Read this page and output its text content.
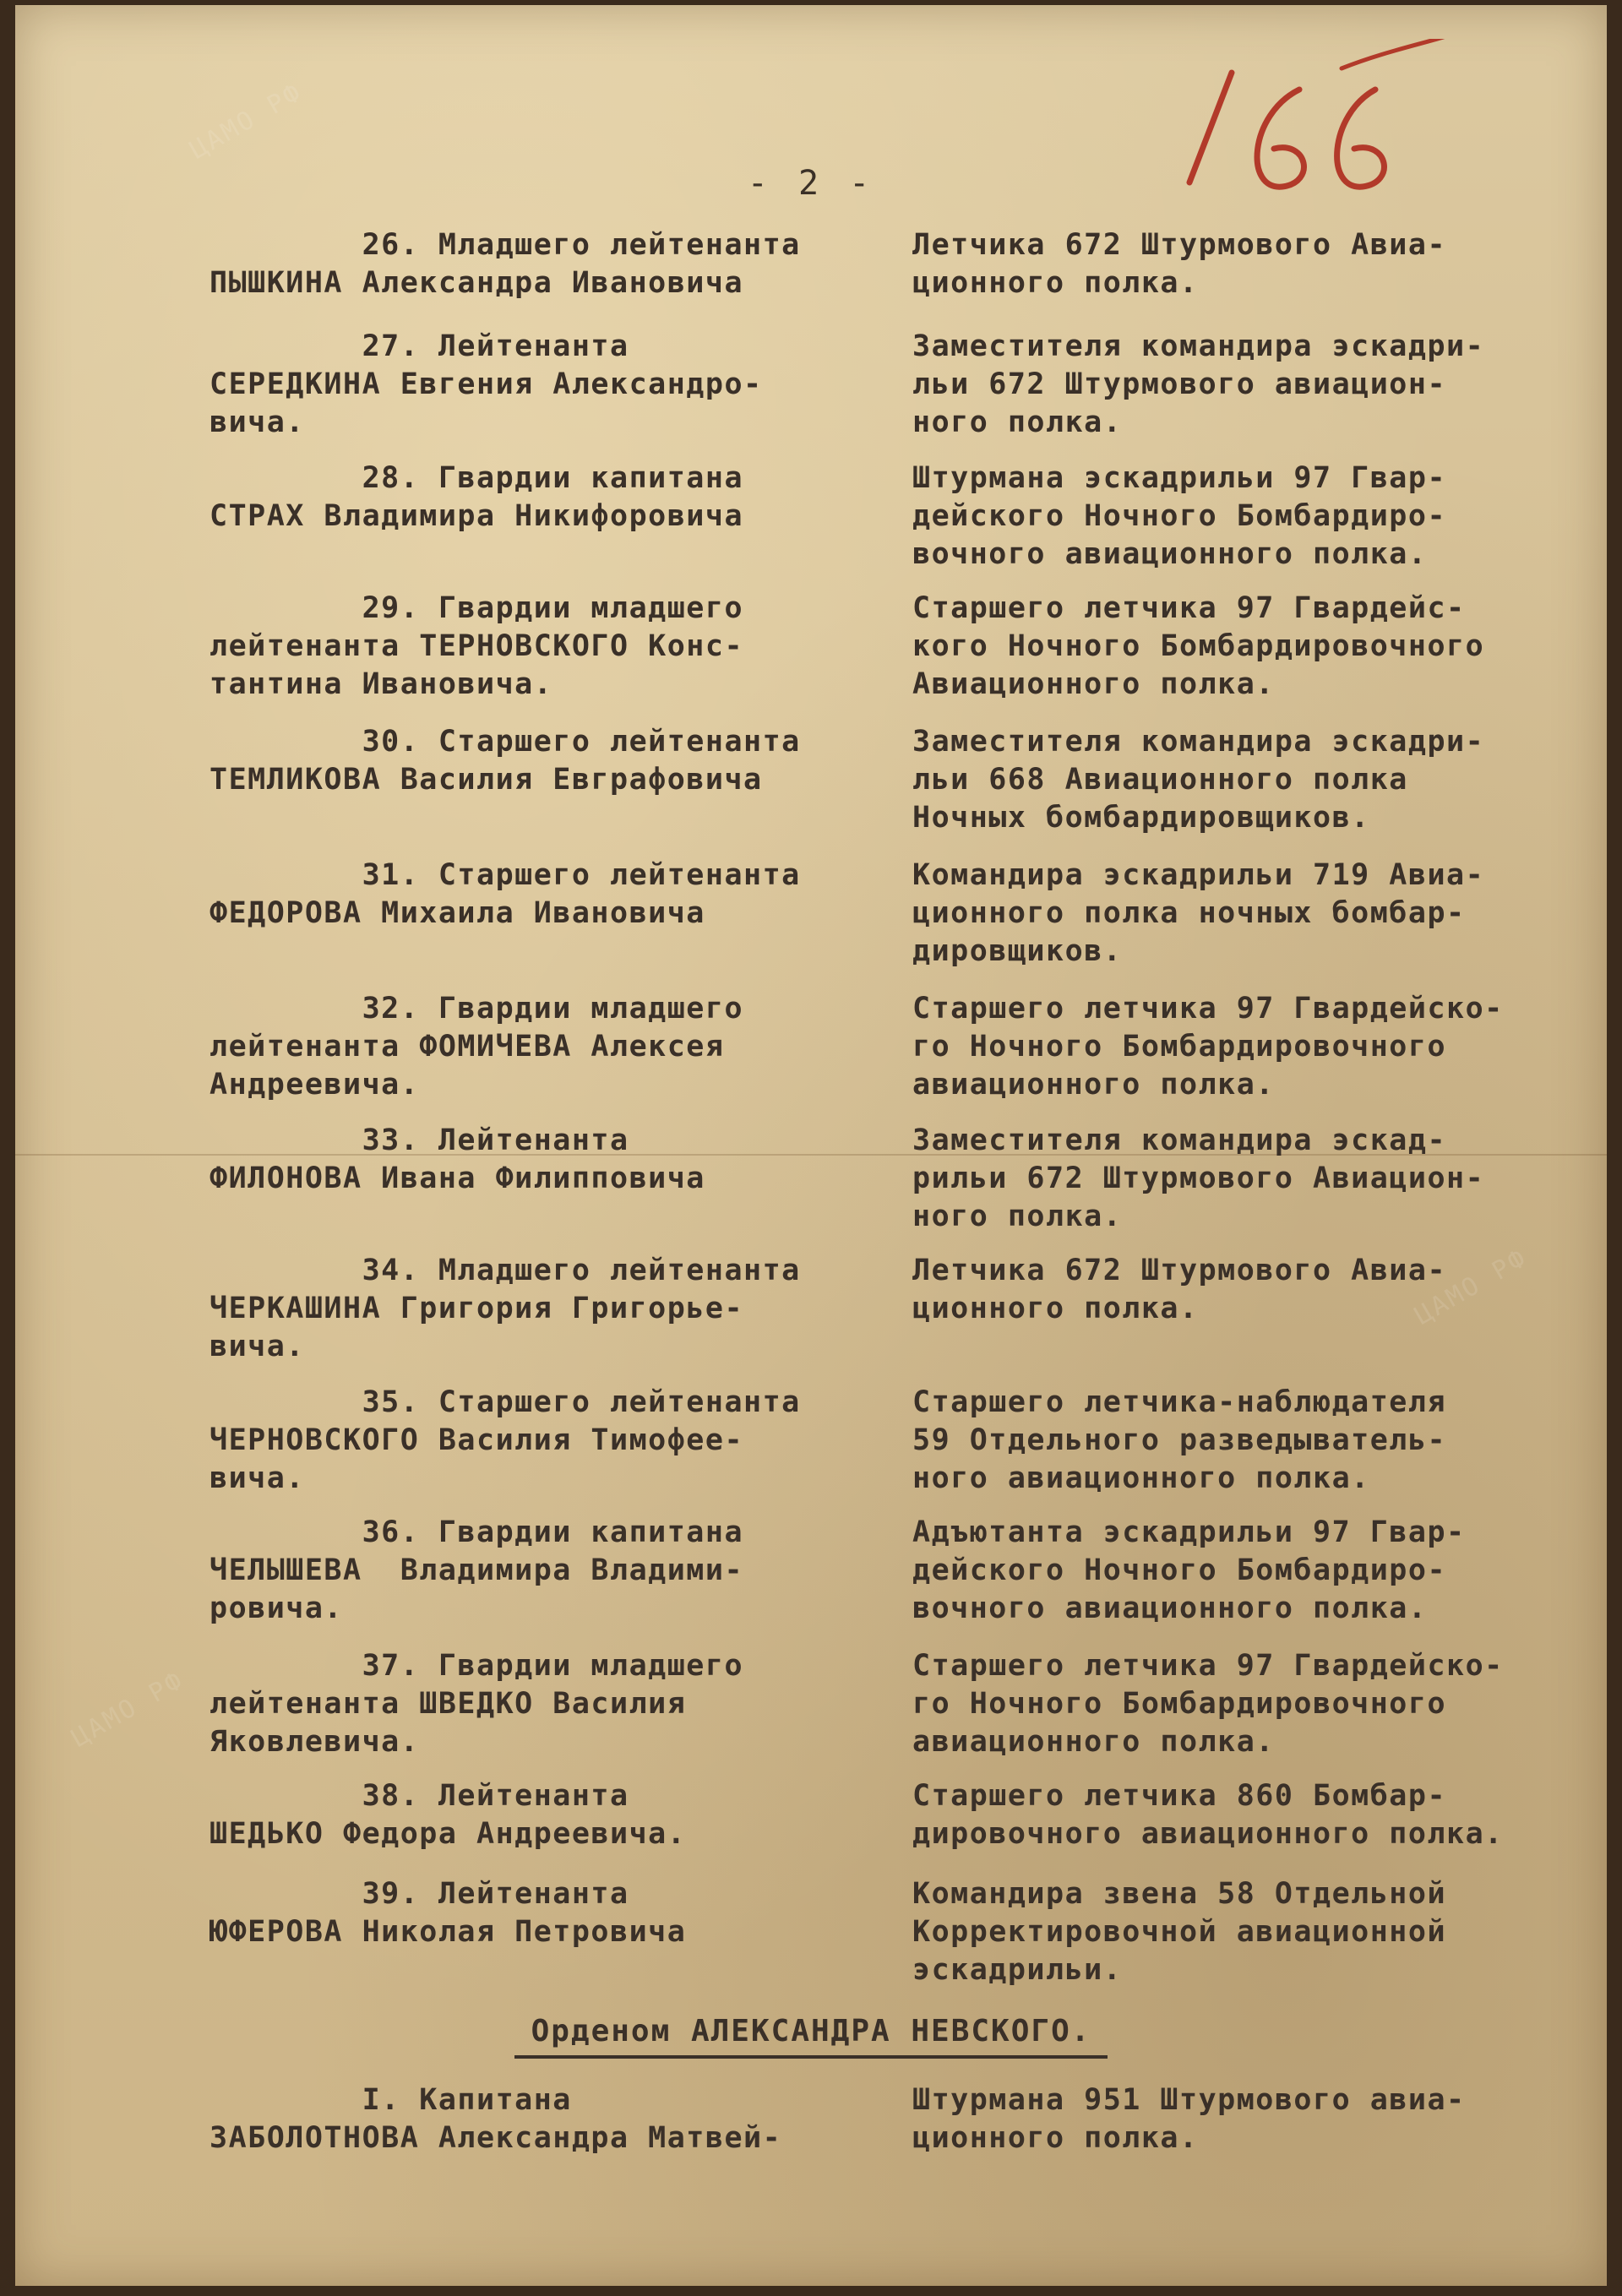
ЦАМО РФ
ЦАМО РФ
ЦАМО РФ
- 2 -
26. Младшего лейтенанта
ПЫШКИНА Александра Ивановича
Летчика 672 Штурмового Авиа-
ционного полка.
27. Лейтенанта
СЕРЕДКИНА Евгения Александро-
вича.
Заместителя командира эскадри-
льи 672 Штурмового авиацион-
ного полка.
28. Гвардии капитана
СТРАХ Владимира Никифоровича
Штурмана эскадрильи 97 Гвар-
дейского Ночного Бомбардиро-
вочного авиационного полка.
29. Гвардии младшего
лейтенанта ТЕРНОВСКОГО Конс-
тантина Ивановича.
Старшего летчика 97 Гвардейс-
кого Ночного Бомбардировочного
Авиационного полка.
30. Старшего лейтенанта
ТЕМЛИКОВА Василия Евграфовича
Заместителя командира эскадри-
льи 668 Авиационного полка
Ночных бомбардировщиков.
31. Старшего лейтенанта
ФЕДОРОВА Михаила Ивановича
Командира эскадрильи 719 Авиа-
ционного полка ночных бомбар-
дировщиков.
32. Гвардии младшего
лейтенанта ФОМИЧЕВА Алексея
Андреевича.
Старшего летчика 97 Гвардейско-
го Ночного Бомбардировочного
авиационного полка.
33. Лейтенанта
ФИЛОНОВА Ивана Филипповича
Заместителя командира эскад-
рильи 672 Штурмового Авиацион-
ного полка.
34. Младшего лейтенанта
ЧЕРКАШИНА Григория Григорье-
вича.
Летчика 672 Штурмового Авиа-
ционного полка.
35. Старшего лейтенанта
ЧЕРНОВСКОГО Василия Тимофее-
вича.
Старшего летчика-наблюдателя
59 Отдельного разведыватель-
ного авиационного полка.
36. Гвардии капитана
ЧЕЛЫШЕВА  Владимира Владими-
ровича.
Адъютанта эскадрильи 97 Гвар-
дейского Ночного Бомбардиро-
вочного авиационного полка.
37. Гвардии младшего
лейтенанта ШВЕДКО Василия
Яковлевича.
Старшего летчика 97 Гвардейско-
го Ночного Бомбардировочного
авиационного полка.
38. Лейтенанта
ШЕДЬКО Федора Андреевича.
Старшего летчика 860 Бомбар-
дировочного авиационного полка.
39. Лейтенанта
ЮФЕРОВА Николая Петровича
Командира звена 58 Отдельной
Корректировочной авиационной
эскадрильи.
Орденом АЛЕКСАНДРА НЕВСКОГО.
I. Капитана
ЗАБОЛОТНОВА Александра Матвей-
Штурмана 951 Штурмового авиа-
ционного полка.
